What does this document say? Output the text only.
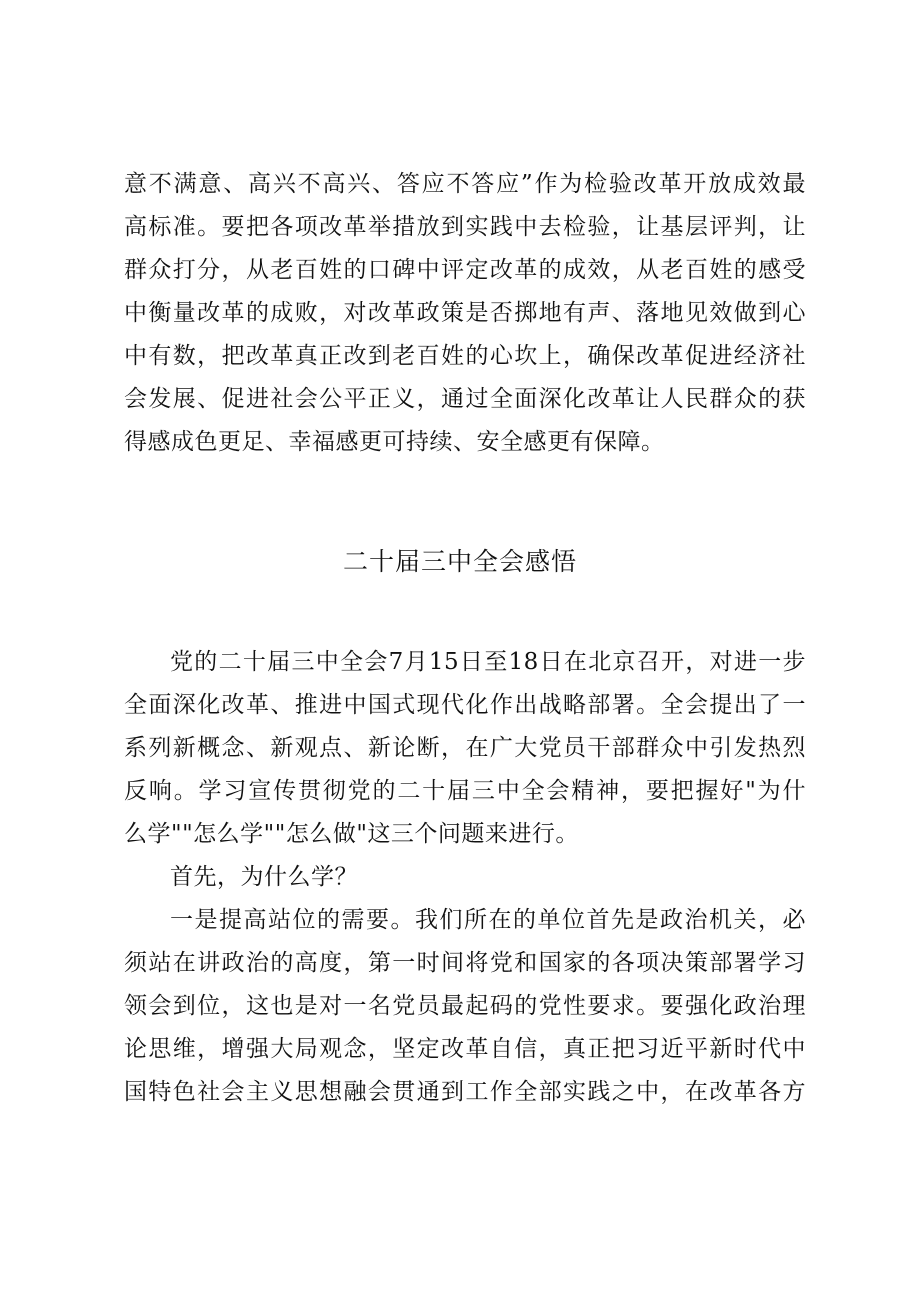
意不满意、高兴不高兴、答应不答应”作为检验改革开放成效最
高标准。要把各项改革举措放到实践中去检验，让基层评判，让
群众打分，从老百姓的口碑中评定改革的成效，从老百姓的感受
中衡量改革的成败，对改革政策是否掷地有声、落地见效做到心
中有数，把改革真正改到老百姓的心坎上，确保改革促进经济社
会发展、促进社会公平正义，通过全面深化改革让人民群众的获
得感成色更足、幸福感更可持续、安全感更有保障。
二十届三中全会感悟
党的二十届三中全会7月15日至18日在北京召开，对进一步
全面深化改革、推进中国式现代化作出战略部署。全会提出了一
系列新概念、新观点、新论断，在广大党员干部群众中引发热烈
反响。学习宣传贯彻党的二十届三中全会精神，要把握好"为什
么学""怎么学""怎么做"这三个问题来进行。
首先，为什么学？
一是提高站位的需要。我们所在的单位首先是政治机关，必
须站在讲政治的高度，第一时间将党和国家的各项决策部署学习
领会到位，这也是对一名党员最起码的党性要求。要强化政治理
论思维，增强大局观念，坚定改革自信，真正把习近平新时代中
国特色社会主义思想融会贯通到工作全部实践之中，在改革各方
